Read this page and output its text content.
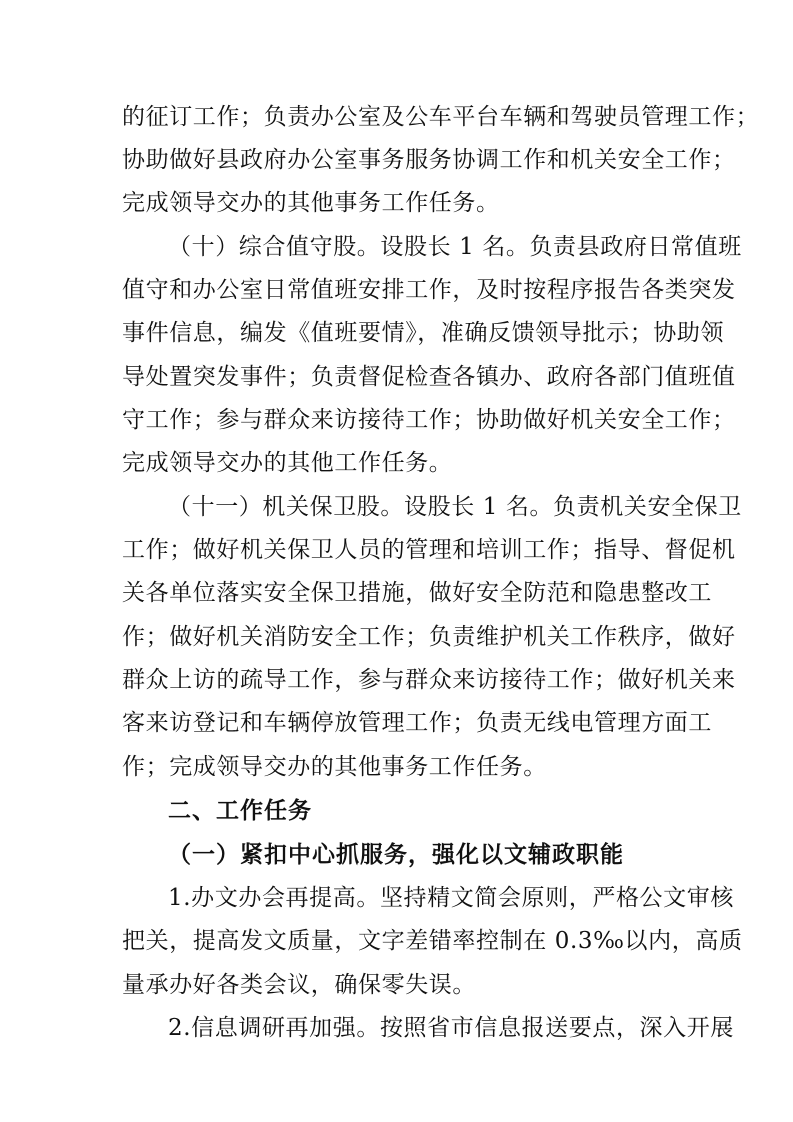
的征订工作；负责办公室及公车平台车辆和驾驶员管理工作；
协助做好县政府办公室事务服务协调工作和机关安全工作；
完成领导交办的其他事务工作任务。
（十）综合值守股。设股长 1 名。负责县政府日常值班
值守和办公室日常值班安排工作，及时按程序报告各类突发
事件信息，编发《值班要情》，准确反馈领导批示；协助领
导处置突发事件；负责督促检查各镇办、政府各部门值班值
守工作；参与群众来访接待工作；协助做好机关安全工作；
完成领导交办的其他工作任务。
（十一）机关保卫股。设股长 1 名。负责机关安全保卫
工作；做好机关保卫人员的管理和培训工作；指导、督促机
关各单位落实安全保卫措施，做好安全防范和隐患整改工
作；做好机关消防安全工作；负责维护机关工作秩序，做好
群众上访的疏导工作，参与群众来访接待工作；做好机关来
客来访登记和车辆停放管理工作；负责无线电管理方面工
作；完成领导交办的其他事务工作任务。
二、工作任务
（一）紧扣中心抓服务，强化以文辅政职能
1.办文办会再提高。坚持精文简会原则，严格公文审核
把关，提高发文质量，文字差错率控制在 0.3‰以内，高质
量承办好各类会议，确保零失误。
2.信息调研再加强。按照省市信息报送要点，深入开展
